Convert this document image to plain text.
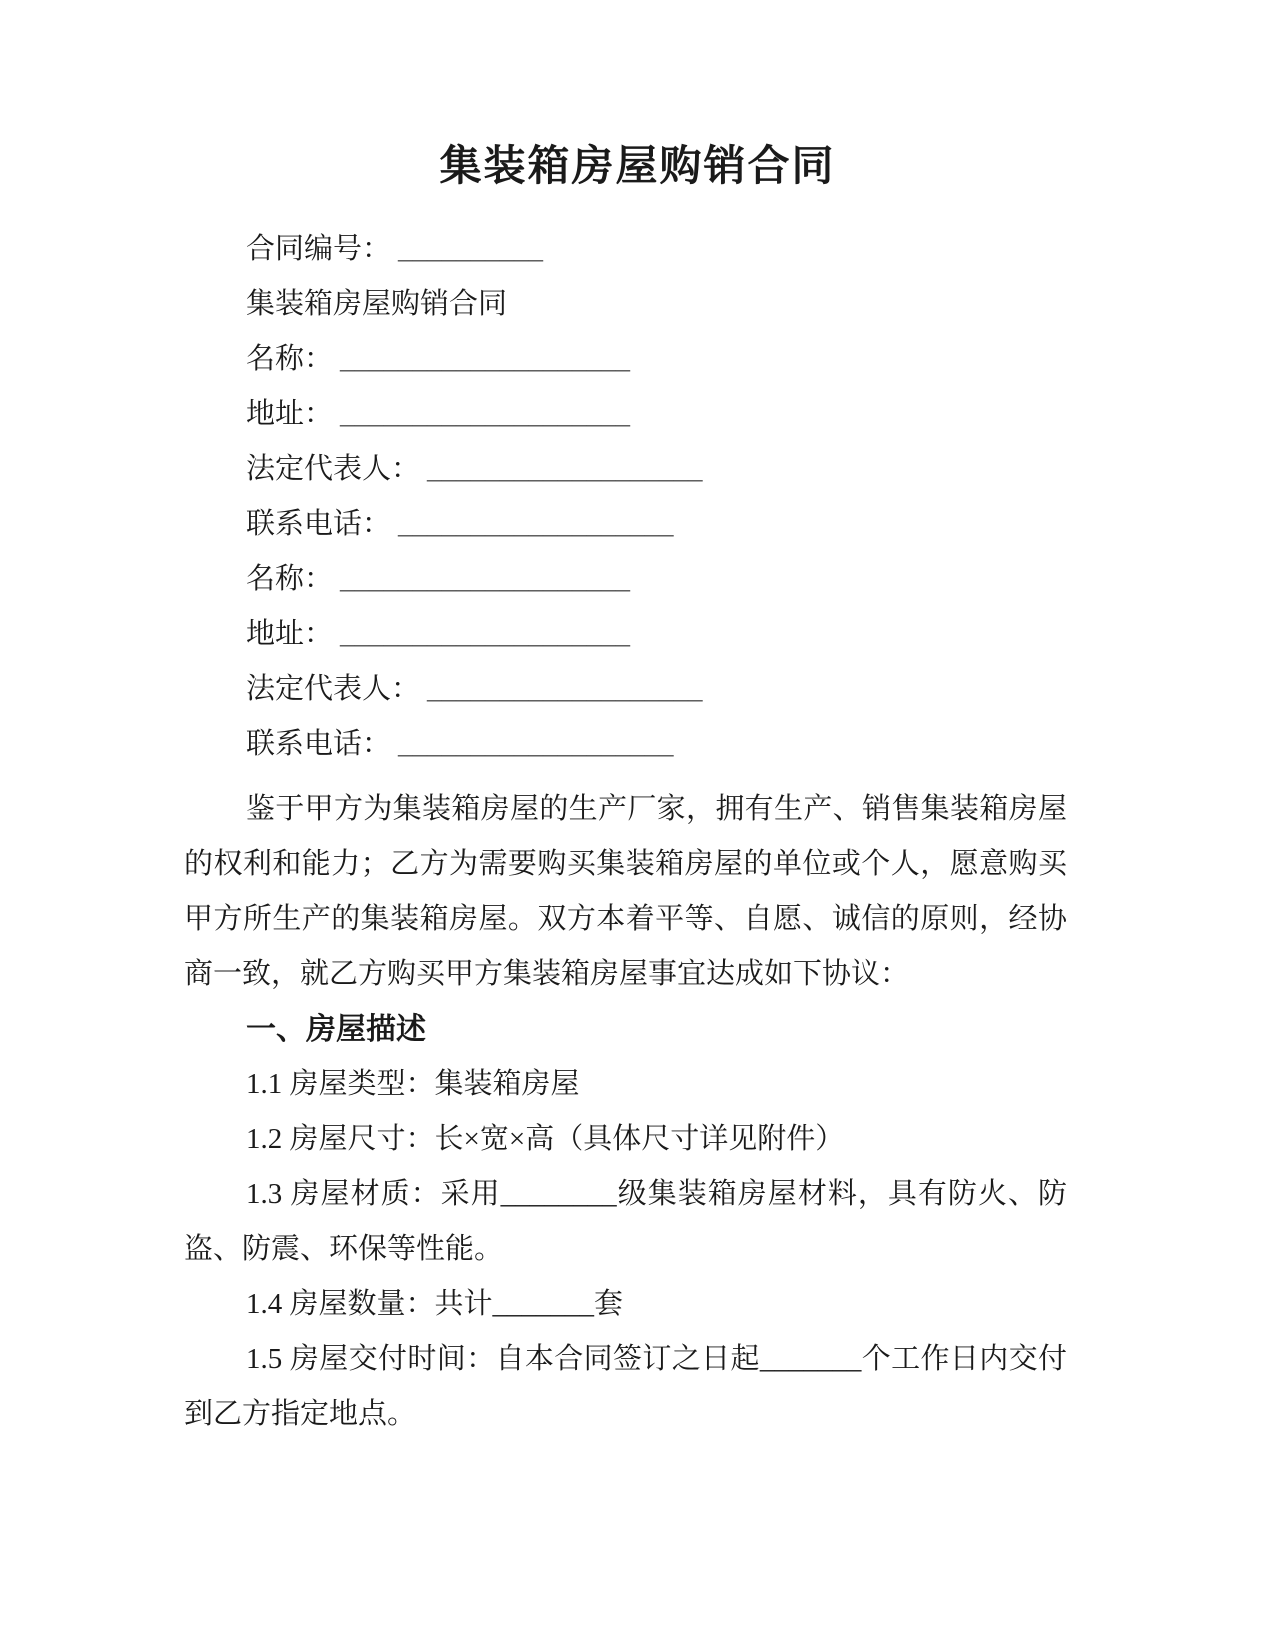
集装箱房屋购销合同

合同编号： __________

集装箱房屋购销合同

名称： ____________________

地址： ____________________

法定代表人： ___________________

联系电话： ___________________

名称： ____________________

地址： ____________________

法定代表人： ___________________

联系电话： ___________________

鉴于甲方为集装箱房屋的生产厂家，拥有生产、销售集装箱房屋的权利和能力；乙方为需要购买集装箱房屋的单位或个人，愿意购买甲方所生产的集装箱房屋。双方本着平等、自愿、诚信的原则，经协商一致，就乙方购买甲方集装箱房屋事宜达成如下协议：

一、房屋描述

1.1 房屋类型：集装箱房屋

1.2 房屋尺寸：长×宽×高（具体尺寸详见附件）

1.3 房屋材质：采用________级集装箱房屋材料，具有防火、防盗、防震、环保等性能。

1.4 房屋数量：共计_______套

1.5 房屋交付时间：自本合同签订之日起_______个工作日内交付到乙方指定地点。
